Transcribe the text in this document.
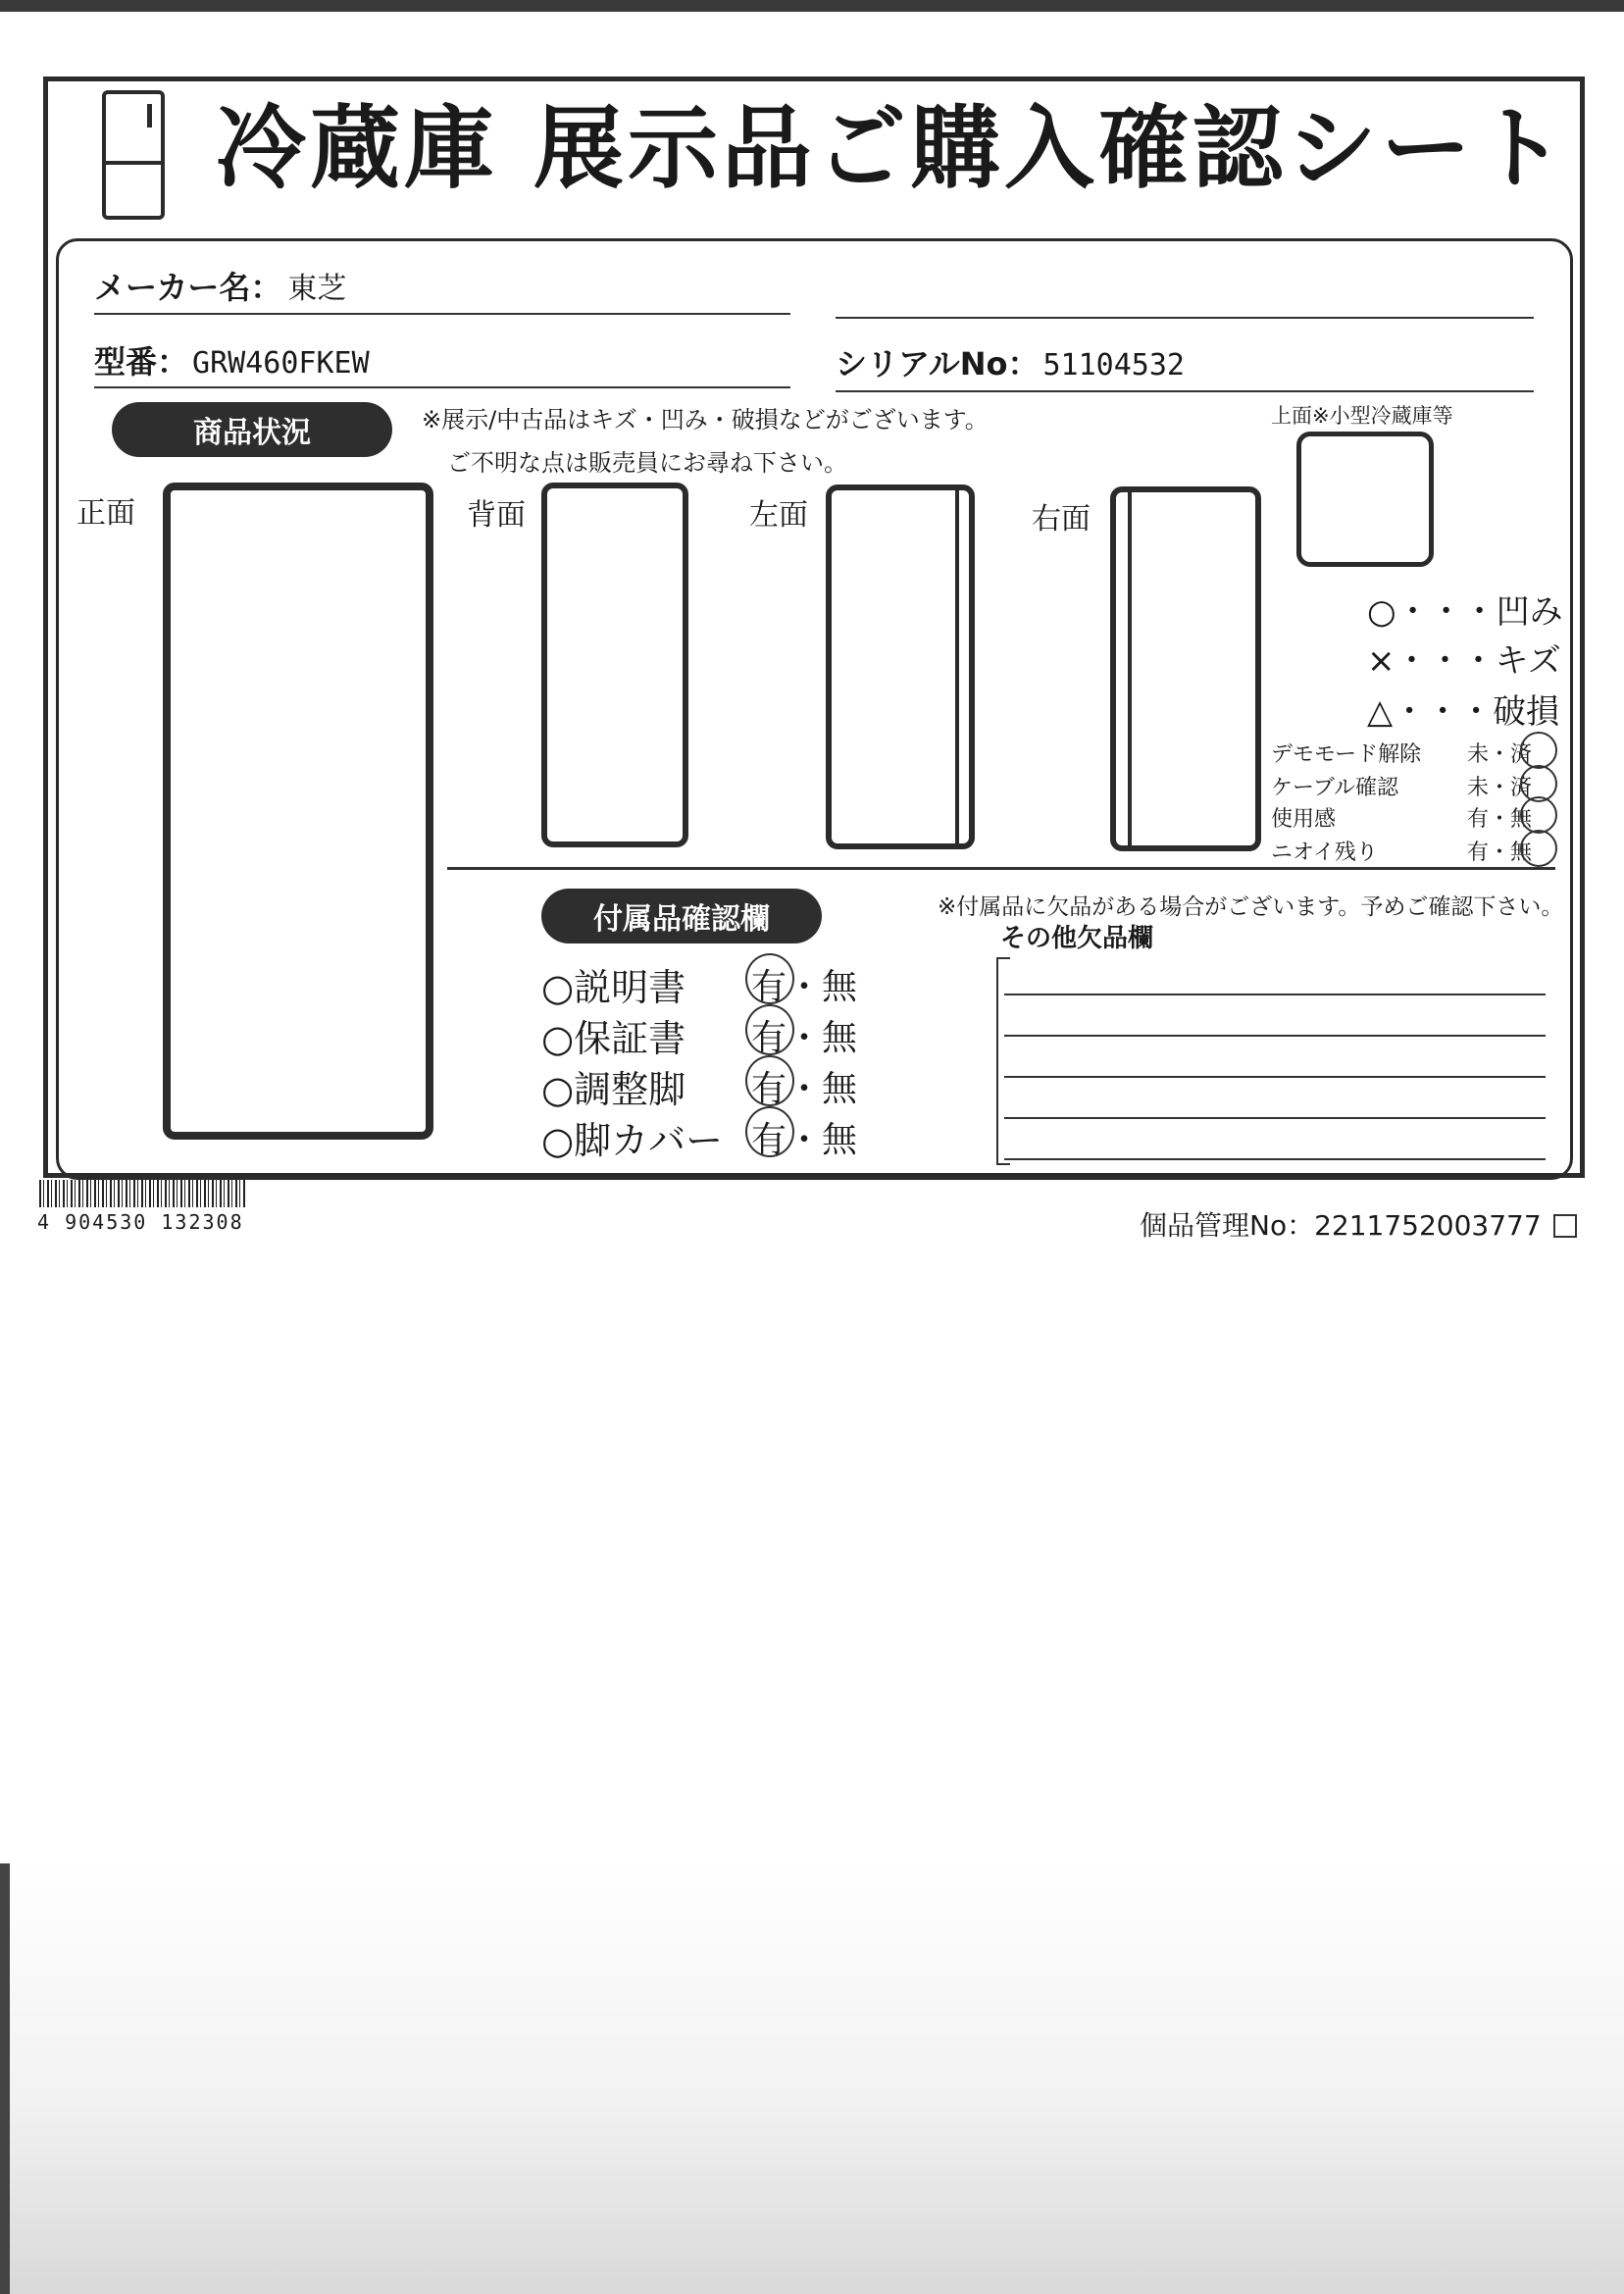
冷蔵庫 展示品ご購入確認シート
メーカー名： 東芝
型番： GRW460FKEW	シリアルNo： 51104532
商品状況	※展示/中古品はキズ・凹み・破損などがございます。
ご不明な点は販売員にお尋ね下さい。
正面	背面	左面	右面
上面※小型冷蔵庫等
○・・・凹み
×・・・キズ
△・・・破損
デモモード解除 未・済
ケーブル確認	未・済
使用感	有・無
ニオイ残り	有・無
付属品確認欄	※付属品に欠品がある場合がございます。予めご確認下さい。
○説明書 有・無
○保証書 有・無
○調整脚 有・無
○脚カバー 有・無
その他欠品欄
4 904530 132308	個品管理No：2211752003777
